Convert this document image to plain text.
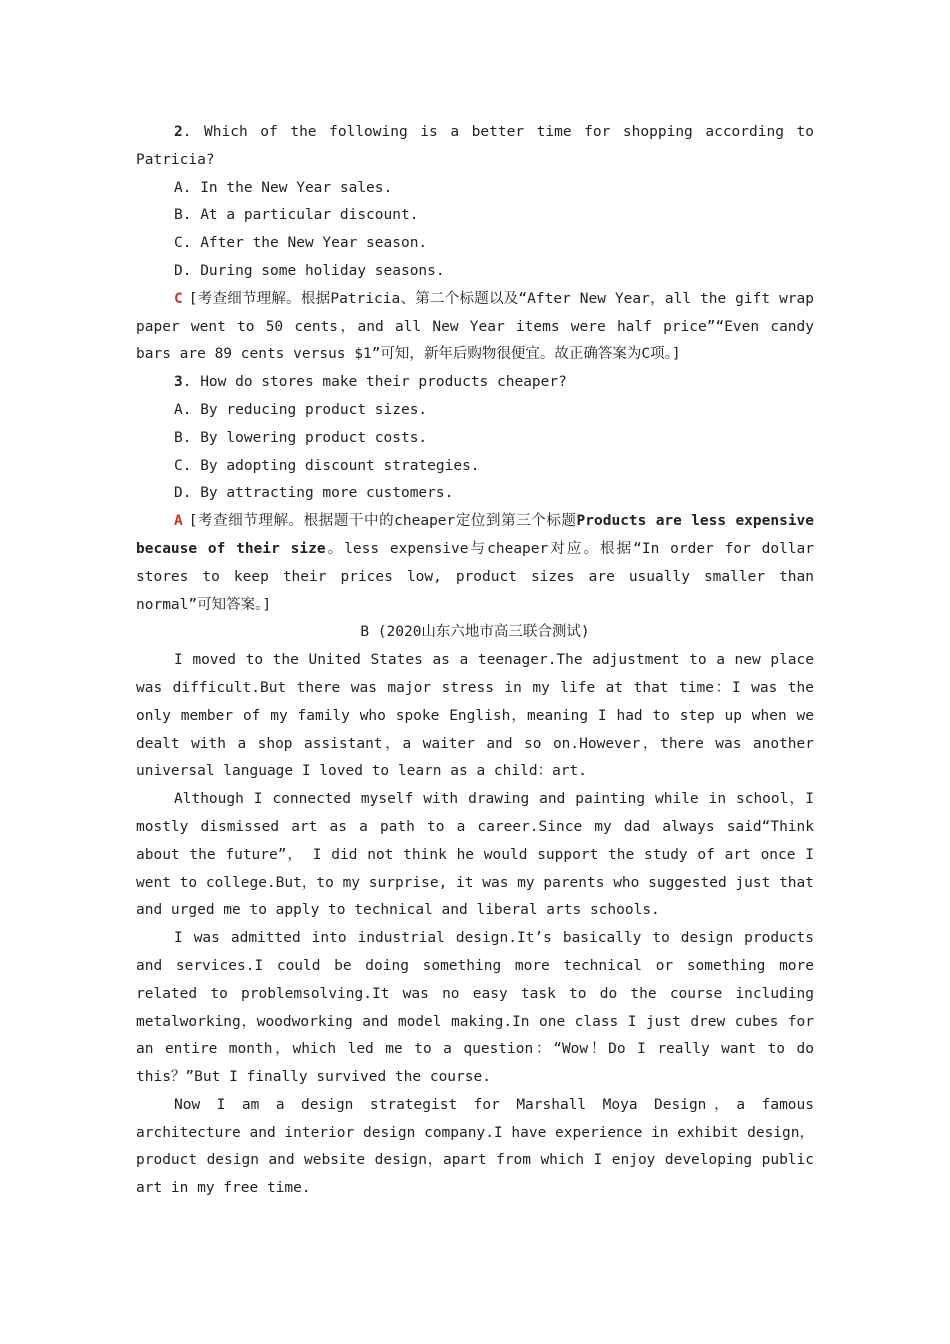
2. Which of the following is a better time for shopping according to Patricia?

A. In the New Year sales.

B. At a particular discount.

C. After the New Year season.

D. During some holiday seasons.

C [考查细节理解。根据Patricia、第二个标题以及“After New Year，all the gift wrap paper went to 50 cents，and all New Year items were half price”“Even candy bars are 89 cents versus $1”可知，新年后购物很便宜。故正确答案为C项。]

3. How do stores make their products cheaper?

A. By reducing product sizes.

B. By lowering product costs.

C. By adopting discount strategies.

D. By attracting more customers.

A [考查细节理解。根据题干中的cheaper定位到第三个标题Products are less expensive because of their size。less expensive与cheaper对应。根据“In order for dollar stores to keep their prices low, product sizes are usually smaller than normal”可知答案。]

B (2020山东六地市高三联合测试)

I moved to the United States as a teenager.The adjustment to a new place was difficult.But there was major stress in my life at that time：I was the only member of my family who spoke English，meaning I had to step up when we dealt with a shop assistant，a waiter and so on.However，there was another universal language I loved to learn as a child：art.

Although I connected myself with drawing and painting while in school，I mostly dismissed art as a path to a career.Since my dad always said“Think about the future”， I did not think he would support the study of art once I went to college.But，to my surprise, it was my parents who suggested just that and urged me to apply to technical and liberal arts schools.

I was admitted into industrial design.It’s basically to design products and services.I could be doing something more technical or something more related to problemsolving.It was no easy task to do the course including metalworking，woodworking and model making.In one class I just drew cubes for an entire month，which led me to a question：“Wow！Do I really want to do this？”But I finally survived the course.

Now I am a design strategist for Marshall Moya Design，a famous architecture and interior design company.I have experience in exhibit design，product design and website design，apart from which I enjoy developing public art in my free time.
